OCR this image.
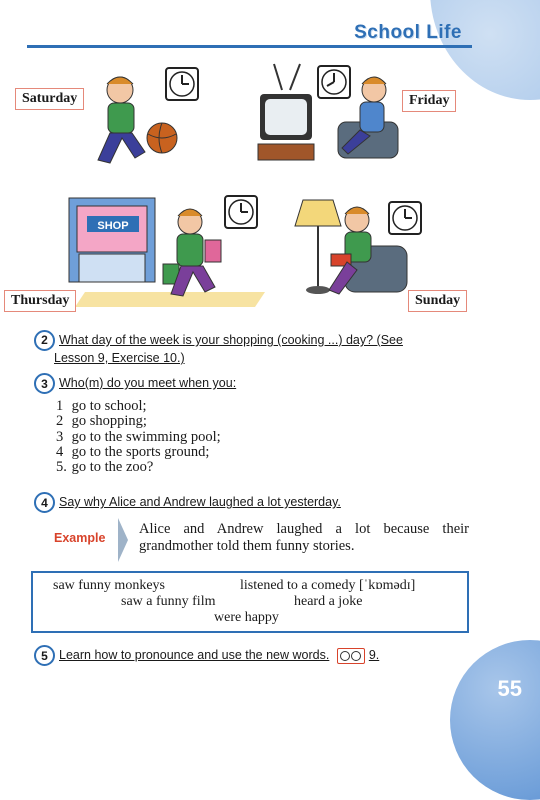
School Life
SHOP
Saturday	Friday
Thursday	Sunday
2 What day of the week is your shopping (cooking ...) day? (See
Lesson 9, Exercise 10.)
3 Who(m) do you meet when you:
1 go to school;
2 go shopping;
3 go to the swimming pool;
4 go to the sports ground;
5. go to the zoo?
4 Say why Alice and Andrew laughed a lot yesterday.
Example
Alice and Andrew laughed a lot because their grandmother told them funny stories.
saw funny monkeys	listened to a comedy [ˈkɒmədɪ]
saw a funny film	heard a joke
were happy
5 Learn how to pronounce and use the new words.	9.
55
